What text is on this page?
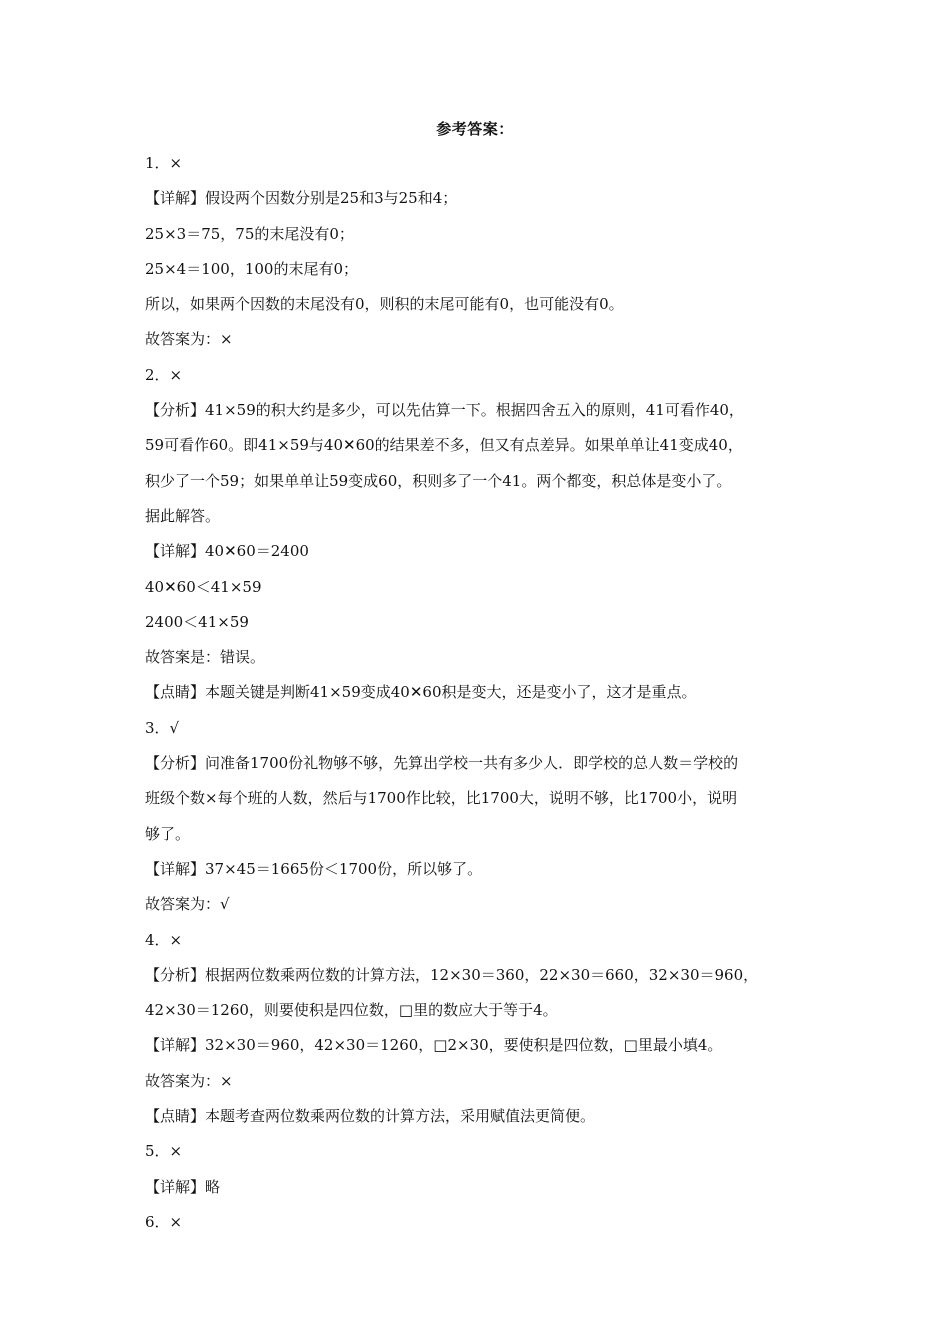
参考答案：
1．×
【详解】假设两个因数分别是25和3与25和4；
25×3＝75，75的末尾没有0；
25×4＝100，100的末尾有0；
所以，如果两个因数的末尾没有0，则积的末尾可能有0，也可能没有0。
故答案为：×
2．×
【分析】41×59的积大约是多少，可以先估算一下。根据四舍五入的原则，41可看作40，
59可看作60。即41×59与40✕60的结果差不多，但又有点差异。如果单单让41变成40，
积少了一个59；如果单单让59变成60，积则多了一个41。两个都变，积总体是变小了。
据此解答。
【详解】40✕60＝2400
40✕60＜41×59
2400＜41×59
故答案是：错误。
【点睛】本题关键是判断41×59变成40✕60积是变大，还是变小了，这才是重点。
3．√
【分析】问准备1700份礼物够不够，先算出学校一共有多少人．即学校的总人数＝学校的
班级个数×每个班的人数，然后与1700作比较，比1700大，说明不够，比1700小，说明
够了。
【详解】37×45＝1665份＜1700份，所以够了。
故答案为：√
4．×
【分析】根据两位数乘两位数的计算方法，12×30＝360，22×30＝660，32×30＝960，
42×30＝1260，则要使积是四位数，□里的数应大于等于4。
【详解】32×30＝960，42×30＝1260，□2×30，要使积是四位数，□里最小填4。
故答案为：×
【点睛】本题考查两位数乘两位数的计算方法，采用赋值法更简便。
5．×
【详解】略
6．×
